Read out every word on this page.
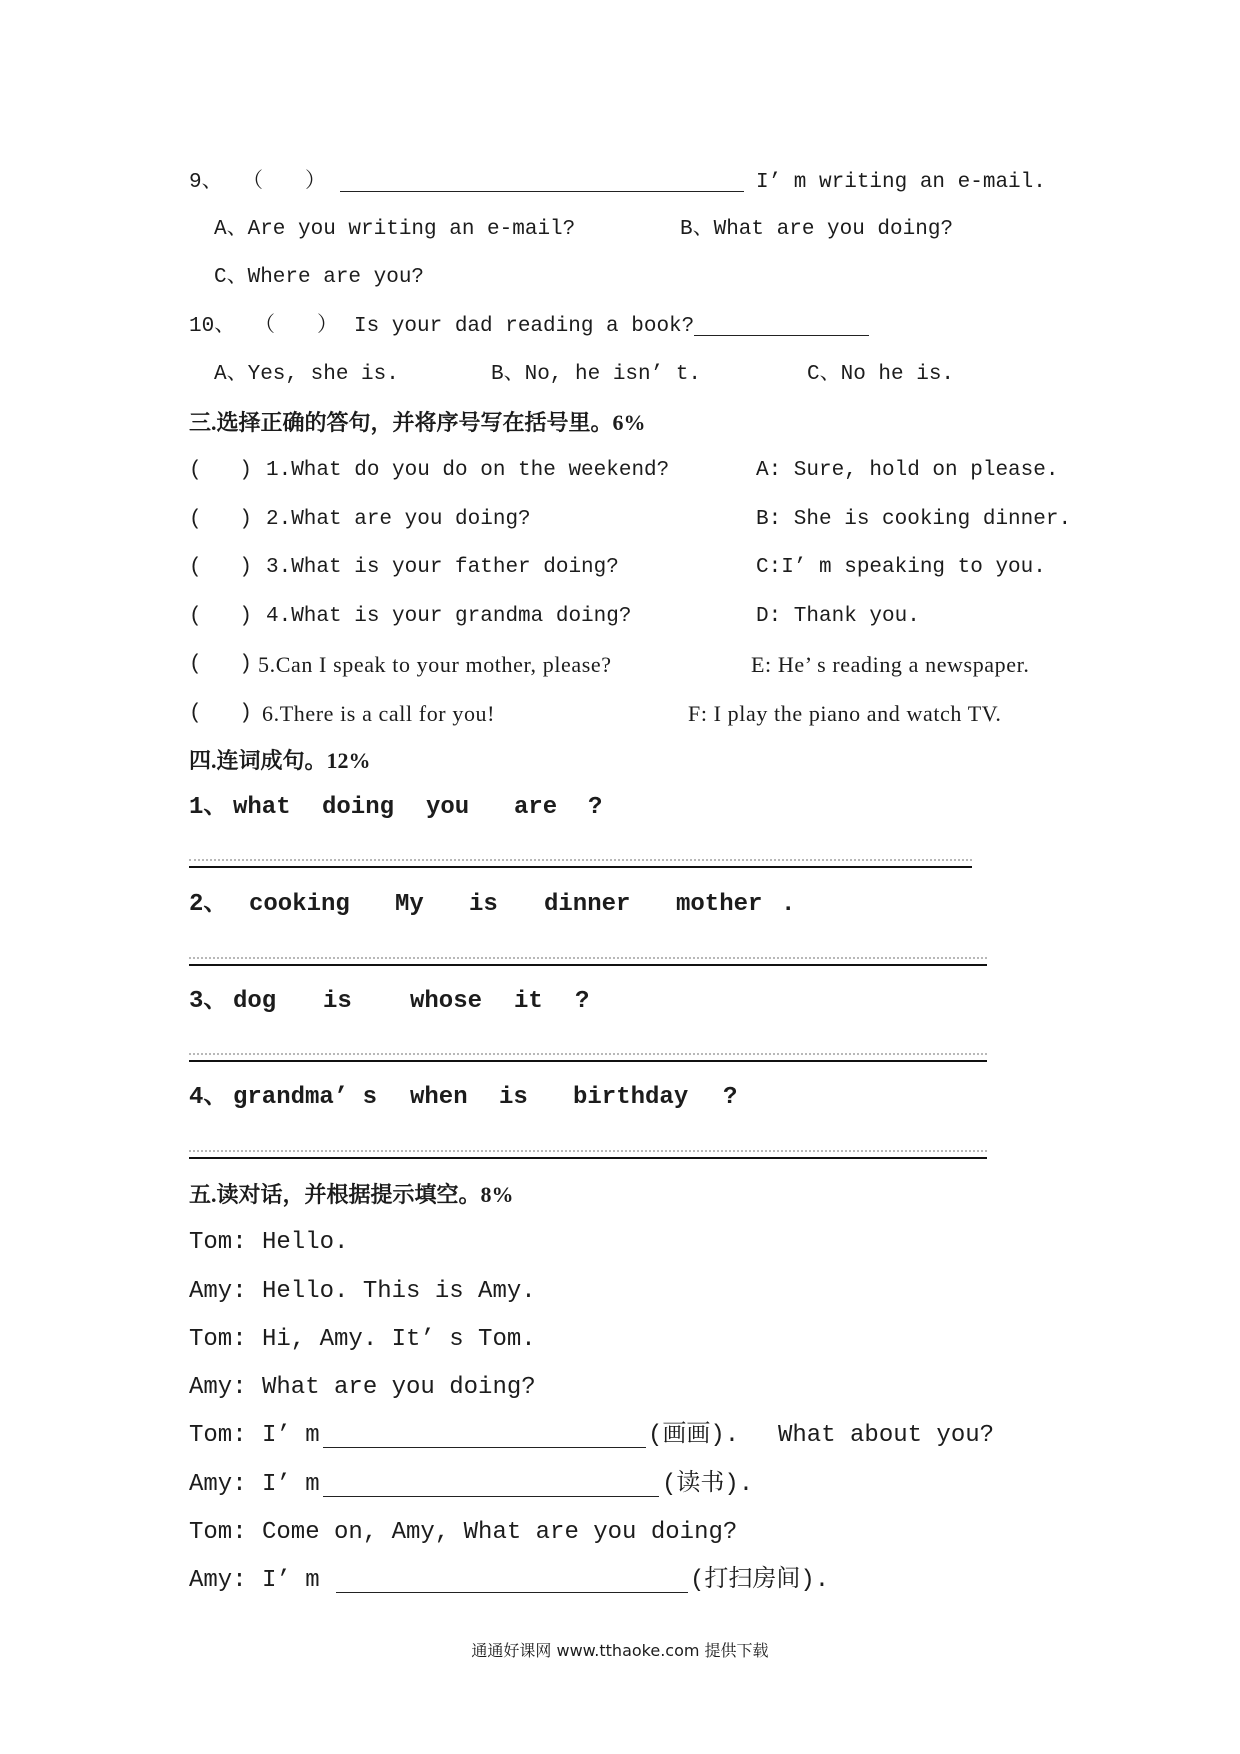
9、 （　　）	I’ m writing an e-mail.
A、Are you writing an e-mail?	B、What are you doing?
C、Where are you?
10、 （　　） Is your dad reading a book?
A、Yes, she is.	B、No, he isn’ t.	C、No he is.
三.选择正确的答句，并将序号写在括号里。6%
(   ) 1.What do you do on the weekend?	A: Sure, hold on please.
(   ) 2.What are you doing?	B: She is cooking dinner.
(   ) 3.What is your father doing?	C:I’ m speaking to you.
(   ) 4.What is your grandma doing?	D: Thank you.
(   ) 5.Can I speak to your mother, please?	E: He’ s reading a newspaper.
(   ) 6.There is a call for you!	F: I play the piano and watch TV.
四.连词成句。12%
1、 what doing you are ?
2、 cooking My is dinner mother .
3、 dog is whose it ?
4、 grandma’ s when is birthday ?
五.读对话，并根据提示填空。8%
Tom: Hello.
Amy: Hello. This is Amy.
Tom: Hi, Amy. It’ s Tom.
Amy: What are you doing?
Tom: I’ m	(画画). What about you?
Amy: I’ m	(读书).
Tom: Come on, Amy, What are you doing?
Amy: I’ m	(打扫房间).
通通好课网 www.tthaoke.com 提供下载
